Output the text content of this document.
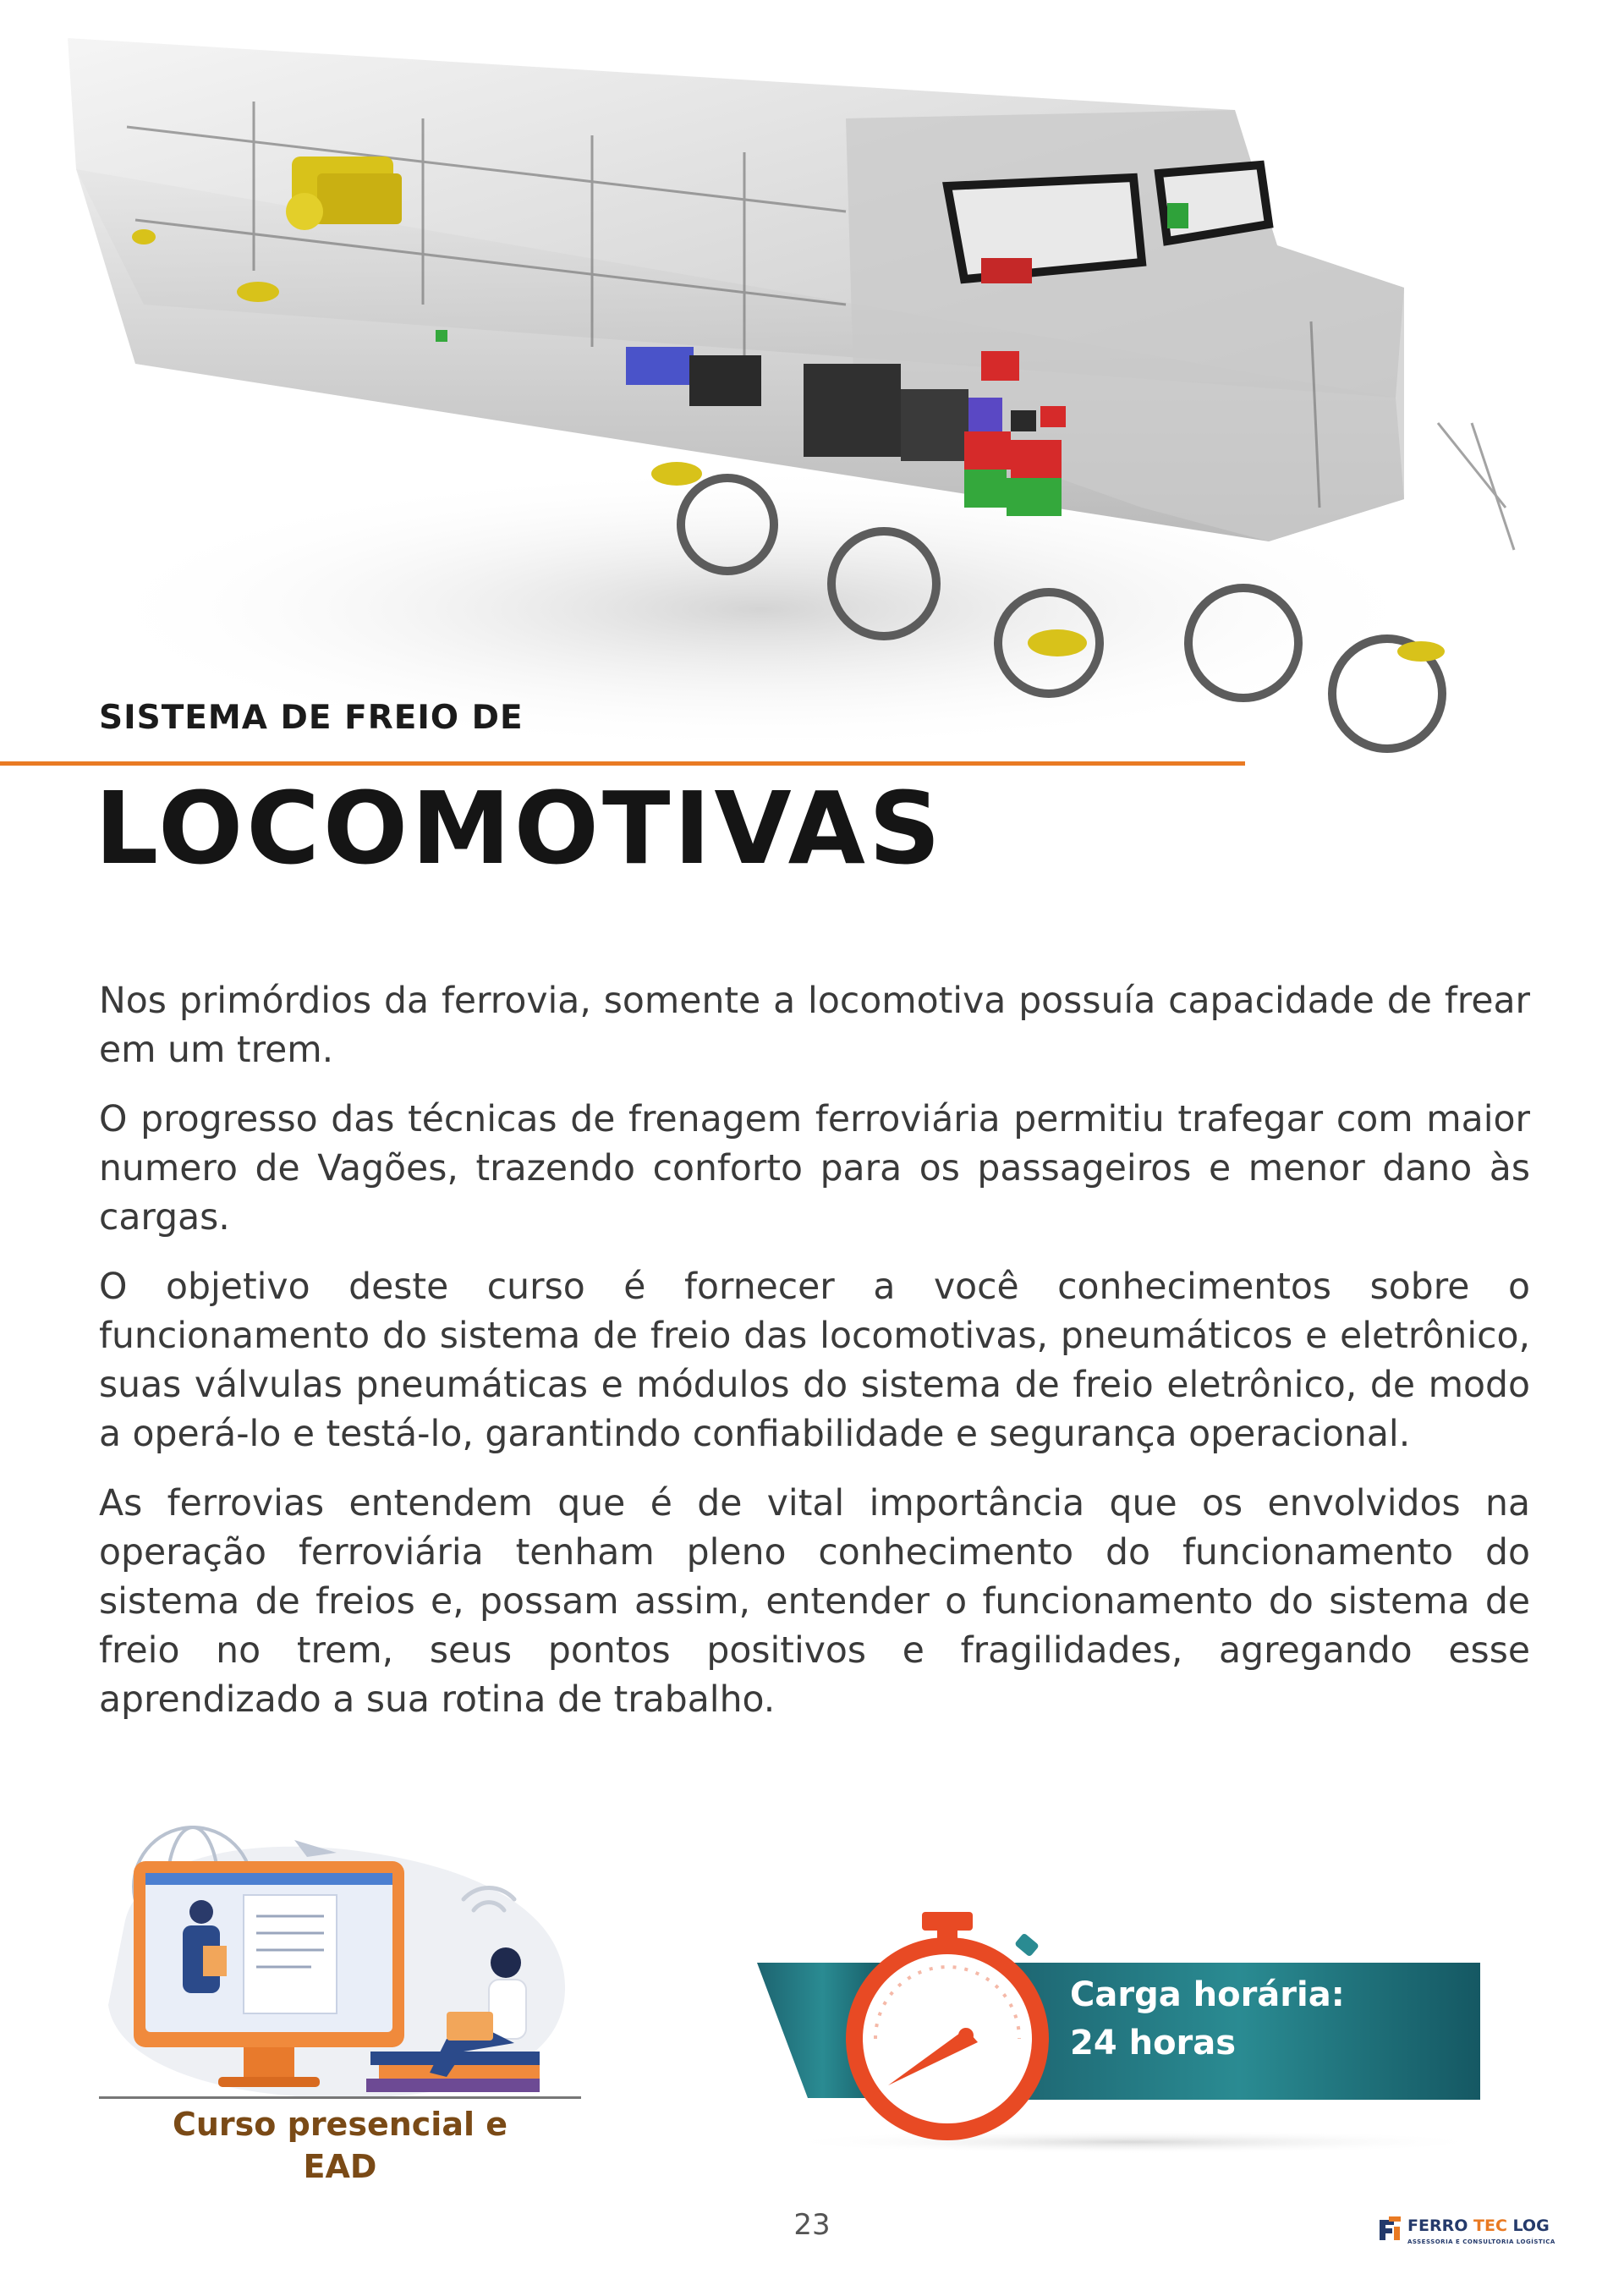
SISTEMA DE FREIO DE
LOCOMOTIVAS

Nos primórdios da ferrovia, somente a locomotiva possuía capacidade de frear em um trem.

O progresso das técnicas de frenagem ferroviária permitiu trafegar com maior numero de Vagões, trazendo conforto para os passageiros e menor dano às cargas.

O objetivo deste curso é fornecer a você conhecimentos sobre o funcionamento do sistema de freio das locomotivas, pneumáticos e eletrônico, suas válvulas pneumáticas e módulos do sistema de freio eletrônico, de modo a operá-lo e testá-lo, garantindo confiabilidade e segurança operacional.

As ferrovias entendem que é de vital importância que os envolvidos na operação ferroviária tenham pleno conhecimento do funcionamento do sistema de freios e, possam assim, entender o funcionamento do sistema de freio no trem, seus pontos positivos e fragilidades, agregando esse aprendizado a sua rotina de trabalho.

Curso presencial e
EAD
Carga horária:
24 horas
23	FERRO TEC LOG
ASSESSORIA E CONSULTORIA LOGÍSTICA
